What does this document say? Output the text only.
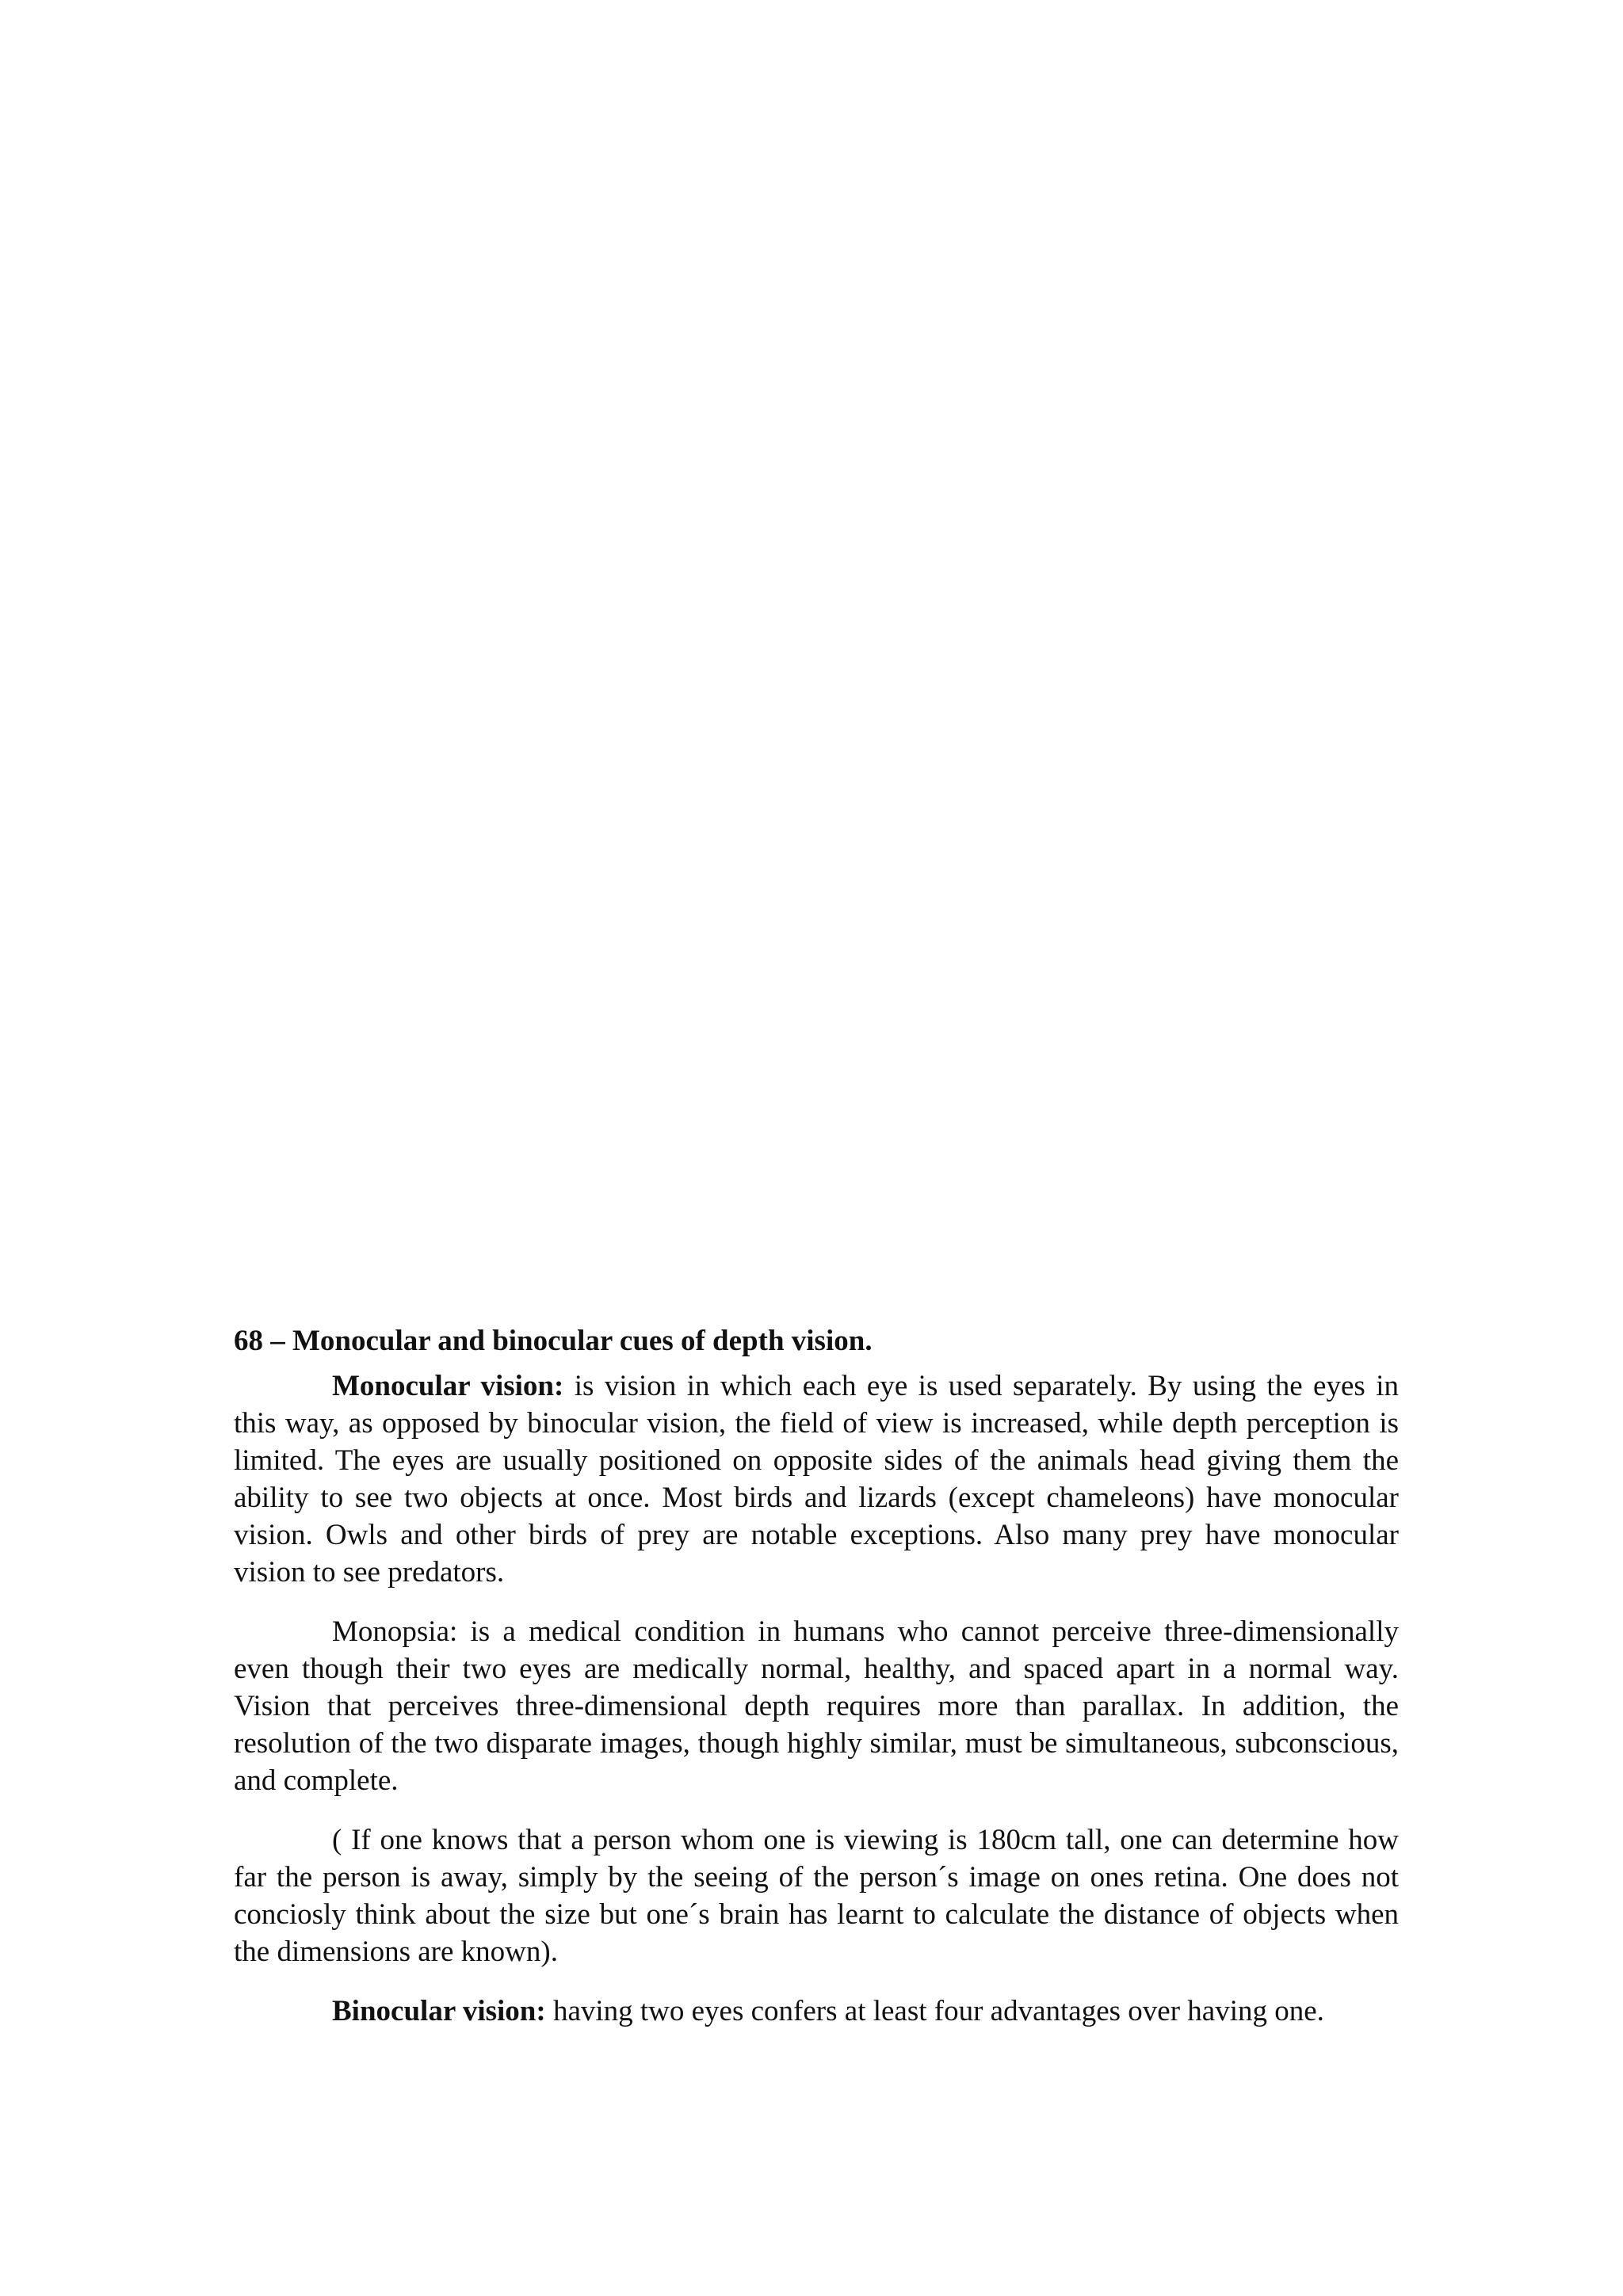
68 – Monocular and binocular cues of depth vision.

Monocular vision: is vision in which each eye is used separately. By using the eyes in this way, as opposed by binocular vision, the field of view is increased, while depth perception is limited. The eyes are usually positioned on opposite sides of the animals head giving them the ability to see two objects at once. Most birds and lizards (except chameleons) have monocular vision. Owls and other birds of prey are notable exceptions. Also many prey have monocular vision to see predators.

Monopsia: is a medical condition in humans who cannot perceive three-dimensionally even though their two eyes are medically normal, healthy, and spaced apart in a normal way. Vision that perceives three-dimensional depth requires more than parallax. In addition, the resolution of the two disparate images, though highly similar, must be simultaneous, subconscious, and complete.

( If one knows that a person whom one is viewing is 180cm tall, one can determine how far the person is away, simply by the seeing of the person´s image on ones retina. One does not conciosly think about the size but one´s brain has learnt to calculate the distance of objects when the dimensions are known).

Binocular vision: having two eyes confers at least four advantages over having one.
